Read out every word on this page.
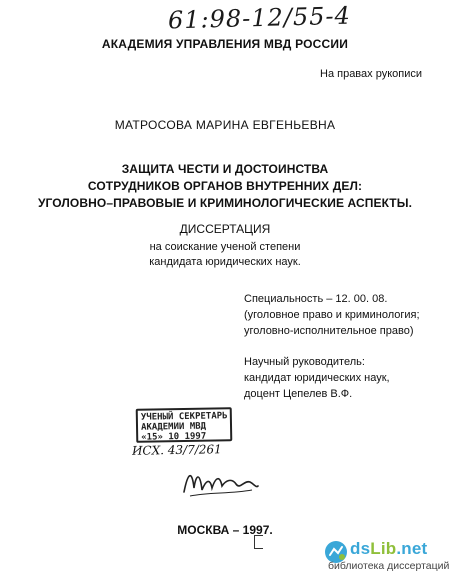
61:98-12/55-4
АКАДЕМИЯ УПРАВЛЕНИЯ МВД РОССИИ
На правах рукописи
МАТРОСОВА МАРИНА ЕВГЕНЬЕВНА
ЗАЩИТА ЧЕСТИ И ДОСТОИНСТВА
СОТРУДНИКОВ ОРГАНОВ ВНУТРЕННИХ ДЕЛ:
УГОЛОВНО–ПРАВОВЫЕ И КРИМИНОЛОГИЧЕСКИЕ АСПЕКТЫ.
ДИССЕРТАЦИЯ
на соискание ученой степени
кандидата юридических наук.
Специальность – 12. 00. 08.
(уголовное право и криминология;
уголовно-исполнительное право)
Научный руководитель:
кандидат юридических наук,
доцент Цепелев В.Ф.
УЧЕНЫЙ СЕКРЕТАРЬ
АКАДЕМИИ МВД
«15» 10 1997
ИСХ. 43/7/261
МОСКВА – 1997.
dsLib.net
библиотека диссертаций
